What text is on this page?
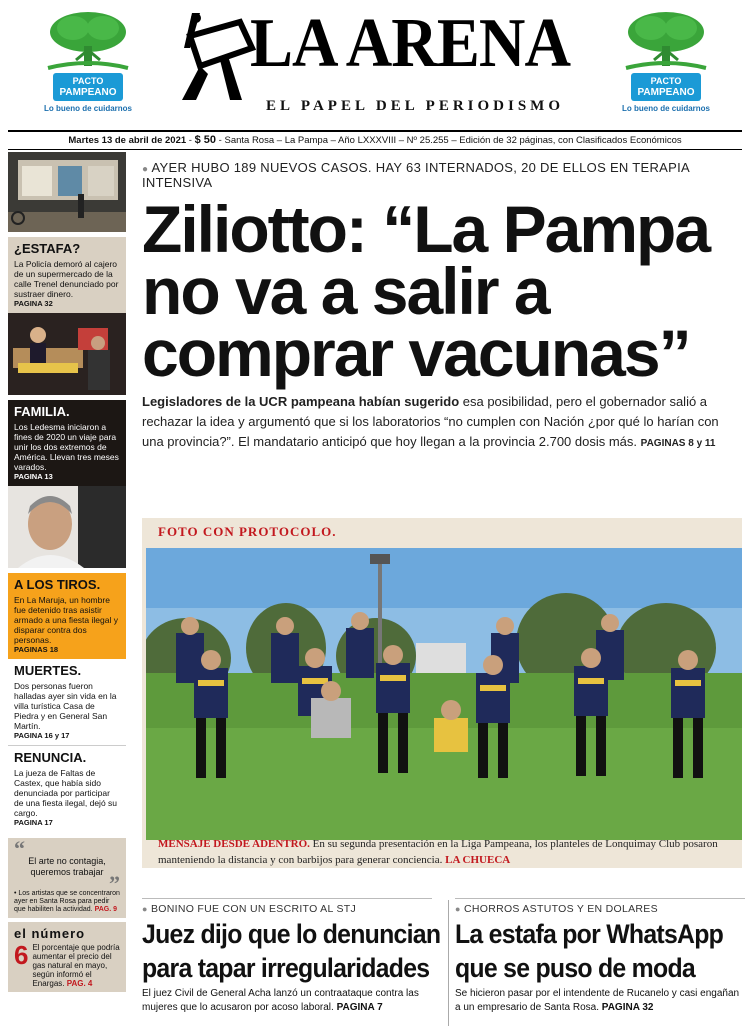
PACTO
PAMPEANO
Lo bueno de cuidarnos
LA ARENA
EL PAPEL DEL PERIODISMO

PACTO
PAMPEANO
Lo bueno de cuidarnos
Martes 13 de abril de 2021 - $ 50 - Santa Rosa – La Pampa – Año LXXXVIII – Nº 25.255 – Edición de 32 páginas, con Clasificados Económicos
¿ESTAFA?
La Policía demoró al cajero de un supermercado de la calle Trenel denunciado por sustraer dinero.
PAGINA 32
FAMILIA.
Los Ledesma iniciaron a fines de 2020 un viaje para unir los dos extremos de América. Llevan tres meses varados.
PAGINA 13
A LOS TIROS.
En La Maruja, un hombre fue detenido tras asistir armado a una fiesta ilegal y disparar contra dos personas.
PAGINAS 18
MUERTES.
Dos personas fueron halladas ayer sin vida en la villa turística Casa de Piedra y en General San Martín.
PAGINA 16 y 17
RENUNCIA.
La jueza de Faltas de Castex, que había sido denunciada por participar de una fiesta ilegal, dejó su cargo.
PAGINA 17
“ El arte no contagia, queremos trabajar ”
• Los artistas que se concentraron ayer en Santa Rosa para pedir que habiliten la actividad. PAG. 9
el número
6 El porcentaje que podría aumentar el precio del gas natural en mayo, según informó el Enargas. PAG. 4
● AYER HUBO 189 NUEVOS CASOS. HAY 63 INTERNADOS, 20 DE ELLOS EN TERAPIA INTENSIVA
Ziliotto: “La Pampa
no va a salir a
comprar vacunas”
Legisladores de la UCR pampeana habían sugerido esa posibilidad, pero el gobernador salió a rechazar la idea y argumentó que si los laboratorios “no cumplen con Nación ¿por qué lo harían con una provincia?”. El mandatario anticipó que hoy llegan a la provincia 2.700 dosis más. PAGINAS 8 y 11
FOTO CON PROTOCOLO.
MENSAJE DESDE ADENTRO. En su segunda presentación en la Liga Pampeana, los planteles de Lonquimay Club posaron manteniendo la distancia y con barbijos para generar conciencia. LA CHUECA
● BONINO FUE CON UN ESCRITO AL STJ
Juez dijo que lo denuncian
para tapar irregularidades
El juez Civil de General Acha lanzó un contraataque contra las mujeres que lo acusaron por acoso laboral. PAGINA 7
● CHORROS ASTUTOS Y EN DOLARES
La estafa por WhatsApp
que se puso de moda
Se hicieron pasar por el intendente de Rucanelo y casi engañan a un empresario de Santa Rosa. PAGINA 32
